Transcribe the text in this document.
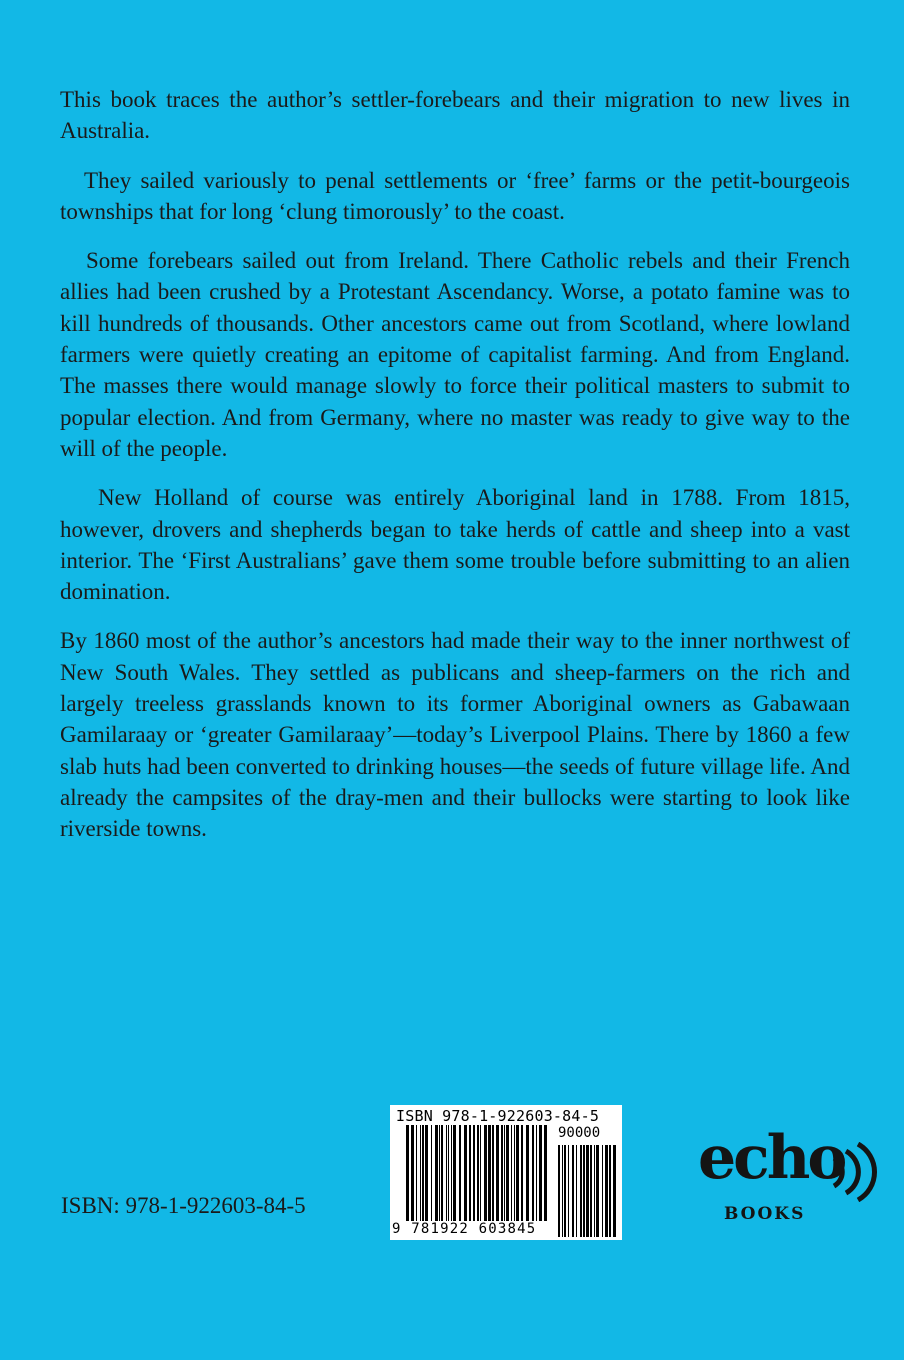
This book traces the author’s settler-forebears and their migration to new lives in Australia.

They sailed variously to penal settlements or ‘free’ farms or the petit-bourgeois townships that for long ‘clung timorously’ to the coast.

Some forebears sailed out from Ireland. There Catholic rebels and their French allies had been crushed by a Protestant Ascendancy. Worse, a potato famine was to kill hundreds of thousands. Other ancestors came out from Scotland, where lowland farmers were quietly creating an epitome of capitalist farming. And from England. The masses there would manage slowly to force their political masters to submit to popular election. And from Germany, where no master was ready to give way to the will of the people.

New Holland of course was entirely Aboriginal land in 1788. From 1815, however, drovers and shepherds began to take herds of cattle and sheep into a vast interior. The ‘First Australians’ gave them some trouble before submitting to an alien domination.

By 1860 most of the author’s ancestors had made their way to the inner northwest of New South Wales. They settled as publicans and sheep-farmers on the rich and largely treeless grasslands known to its former Aboriginal owners as Gabawaan Gamilaraay or ‘greater Gamilaraay’—today’s Liverpool Plains. There by 1860 a few slab huts had been converted to drinking houses—the seeds of future village life. And already the campsites of the dray-men and their bullocks were starting to look like riverside towns.

ISBN: 978-1-922603-84-5
ISBN 978-1-922603-84-5
90000
9 781922 603845
echo
BOOKS
